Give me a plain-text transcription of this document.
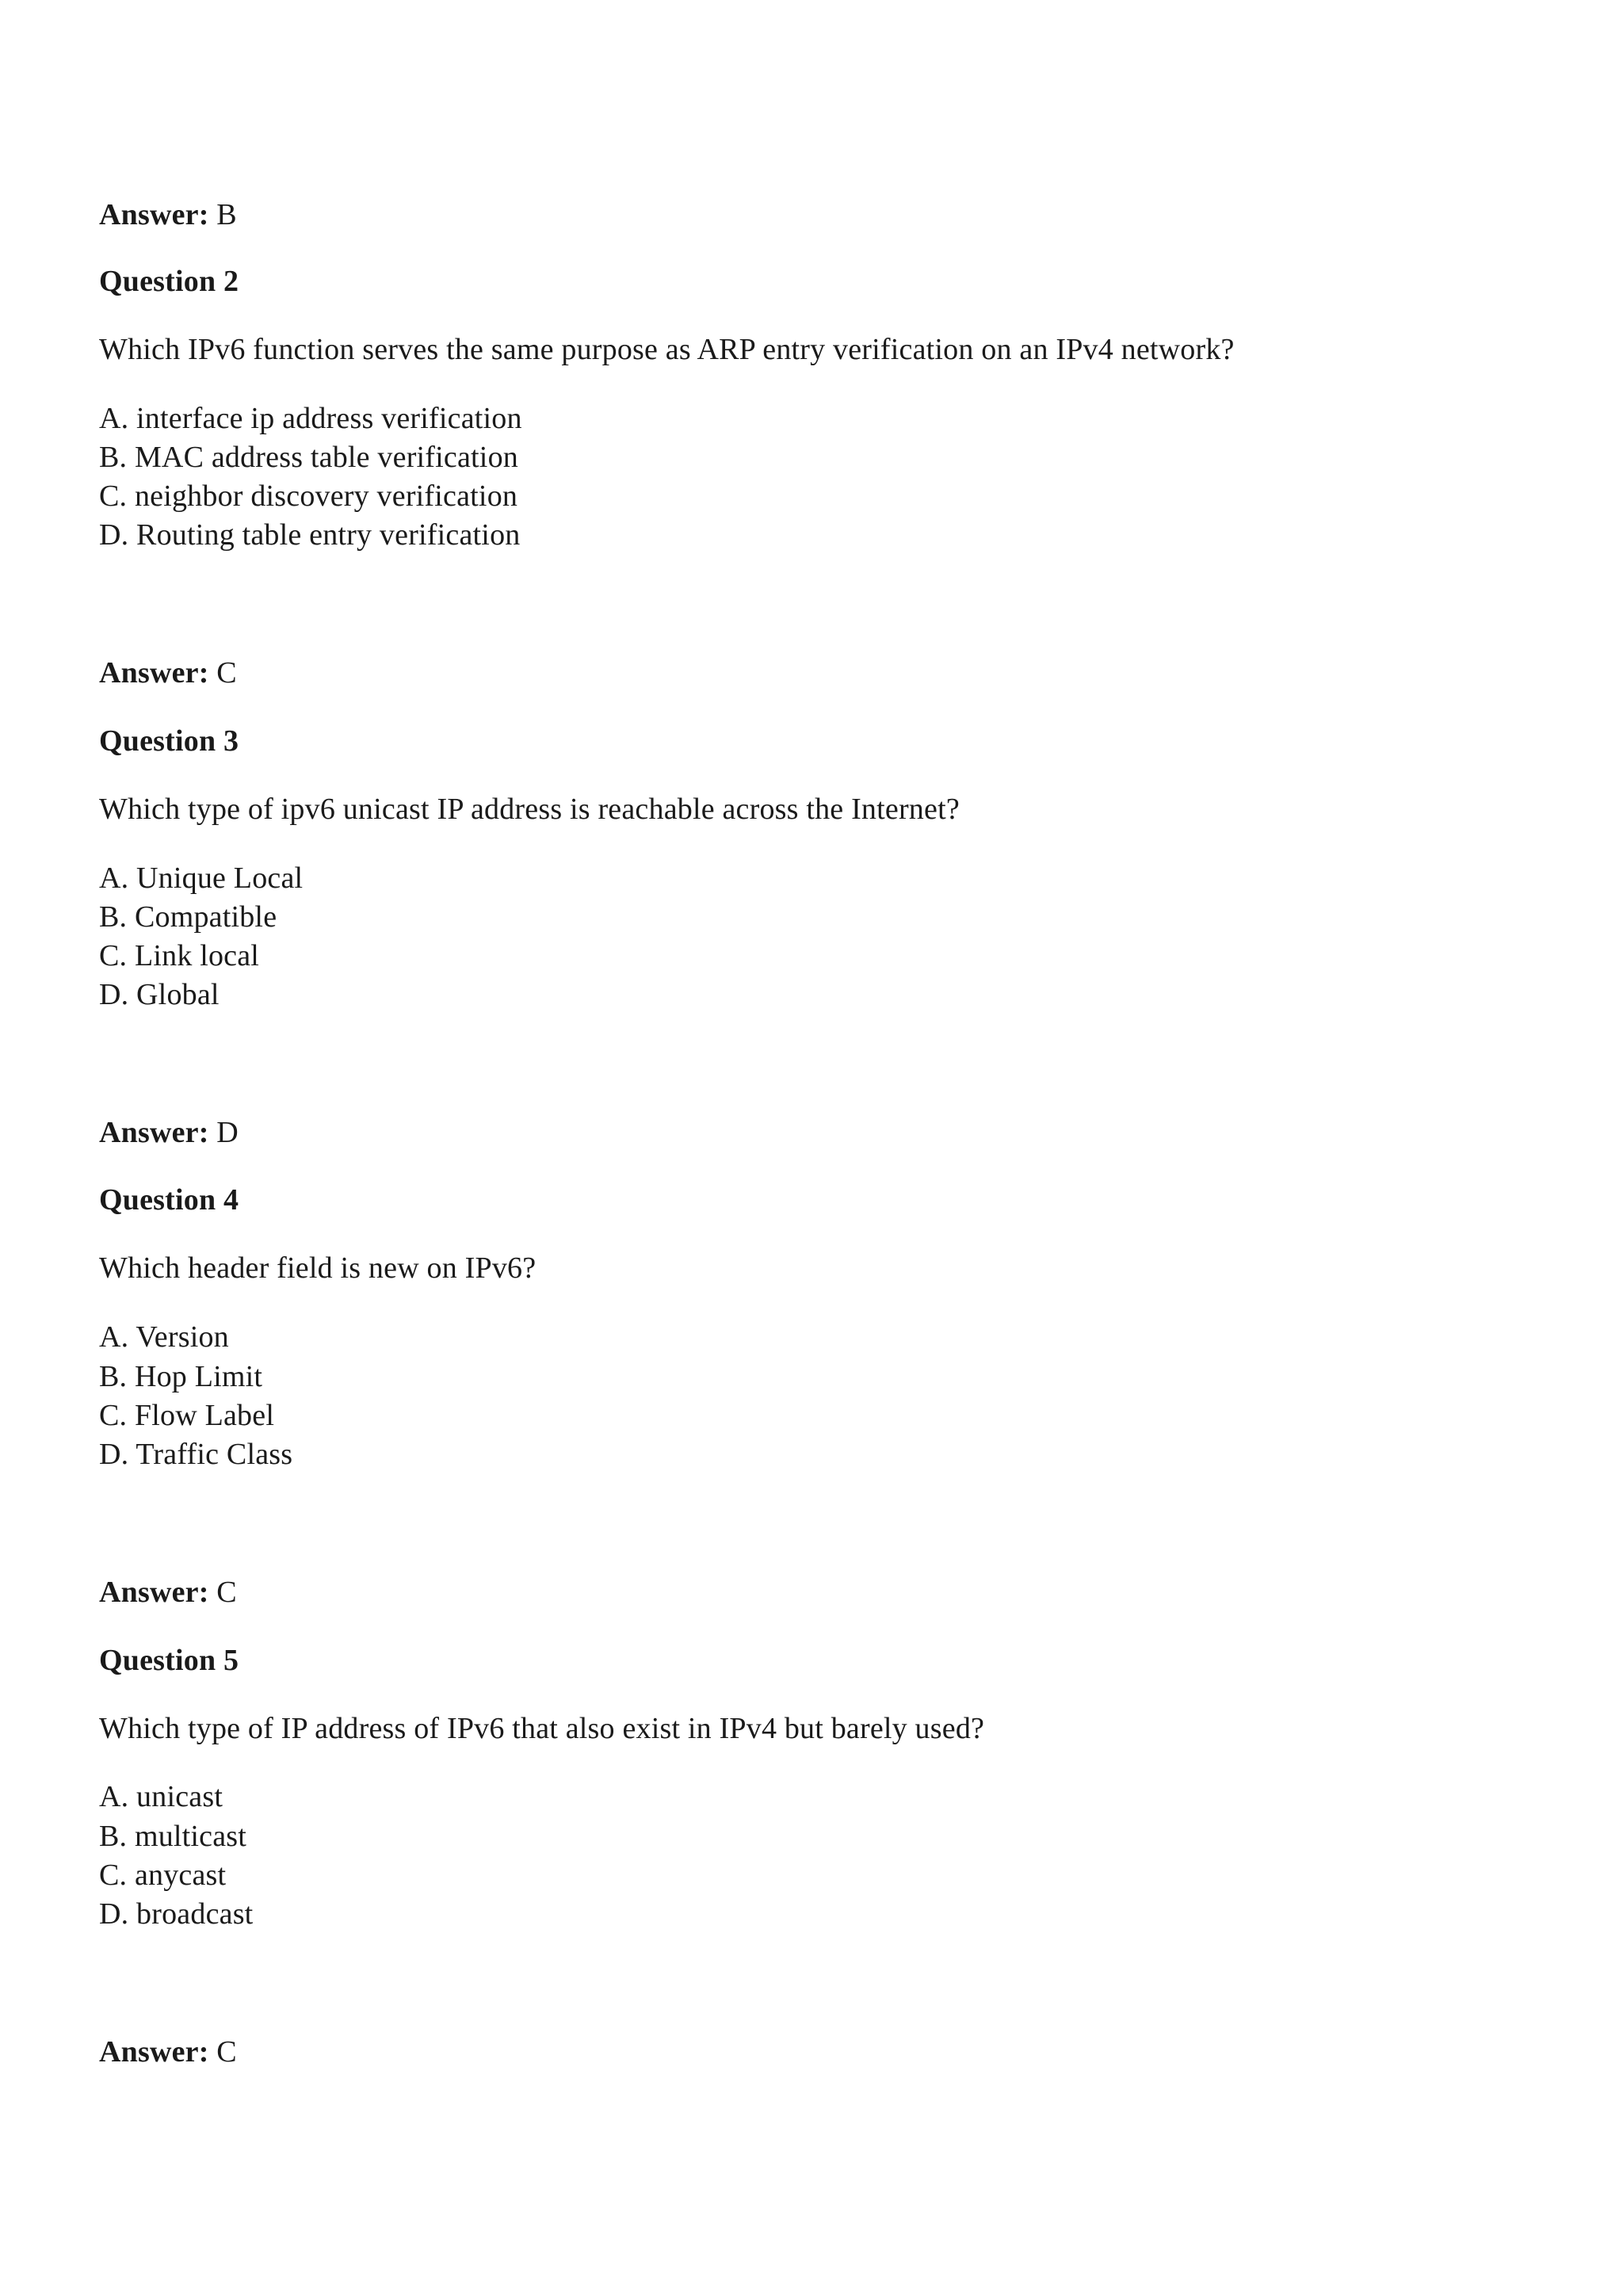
Answer: B
Question 2
Which IPv6 function serves the same purpose as ARP entry verification on an IPv4 network?
A. interface ip address verification
B. MAC address table verification
C. neighbor discovery verification
D. Routing table entry verification
Answer: C
Question 3
Which type of ipv6 unicast IP address is reachable across the Internet?
A. Unique Local
B. Compatible
C. Link local
D. Global
Answer: D
Question 4
Which header field is new on IPv6?
A. Version
B. Hop Limit
C. Flow Label
D. Traffic Class
Answer: C
Question 5
Which type of IP address of IPv6 that also exist in IPv4 but barely used?
A. unicast
B. multicast
C. anycast
D. broadcast
Answer: C
